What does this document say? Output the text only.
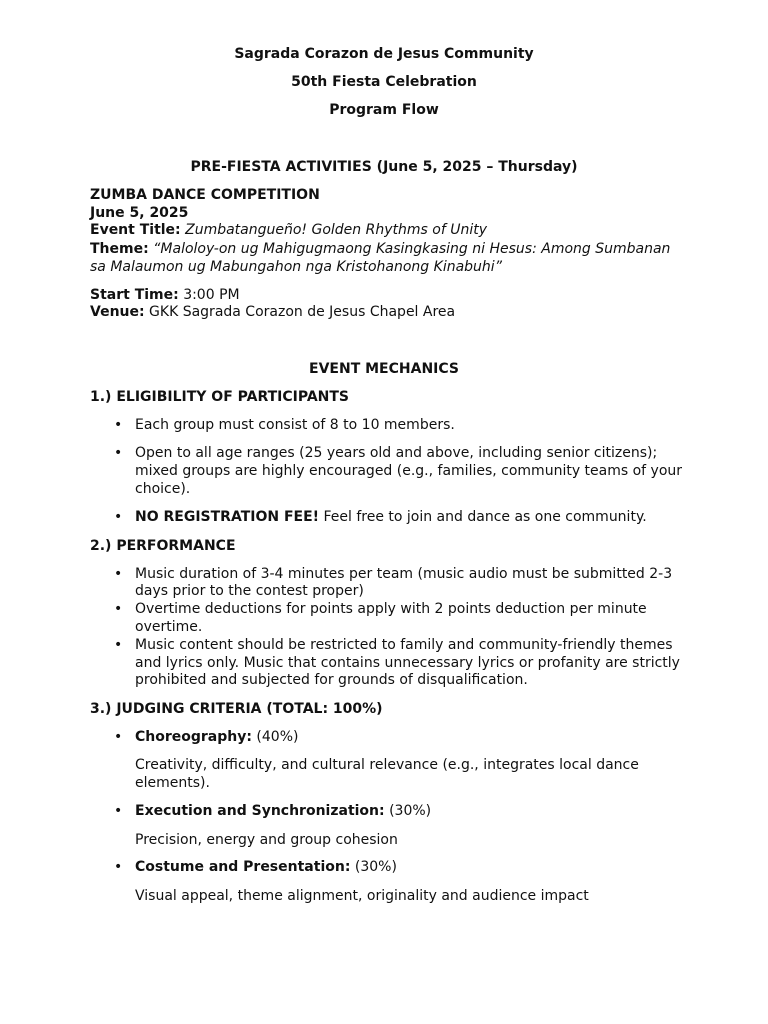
Sagrada Corazon de Jesus Community
50th Fiesta Celebration
Program Flow
PRE-FIESTA ACTIVITIES (June 5, 2025 – Thursday)
ZUMBA DANCE COMPETITION
June 5, 2025
Event Title: Zumbatangueño! Golden Rhythms of Unity
Theme: “Maloloy-on ug Mahigugmaong Kasingkasing ni Hesus: Among Sumbanan
sa Malaumon ug Mabungahon nga Kristohanong Kinabuhi”
Start Time: 3:00 PM
Venue: GKK Sagrada Corazon de Jesus Chapel Area
EVENT MECHANICS
1.) ELIGIBILITY OF PARTICIPANTS
• Each group must consist of 8 to 10 members.
• Open to all age ranges (25 years old and above, including senior citizens);
mixed groups are highly encouraged (e.g., families, community teams of your
choice).
• NO REGISTRATION FEE! Feel free to join and dance as one community.
2.) PERFORMANCE
• Music duration of 3-4 minutes per team (music audio must be submitted 2-3
days prior to the contest proper)
• Overtime deductions for points apply with 2 points deduction per minute
overtime.
• Music content should be restricted to family and community-friendly themes
and lyrics only. Music that contains unnecessary lyrics or profanity are strictly
prohibited and subjected for grounds of disqualification.
3.) JUDGING CRITERIA (TOTAL: 100%)
• Choreography: (40%)
Creativity, difficulty, and cultural relevance (e.g., integrates local dance
elements).
• Execution and Synchronization: (30%)
Precision, energy and group cohesion
• Costume and Presentation: (30%)
Visual appeal, theme alignment, originality and audience impact
